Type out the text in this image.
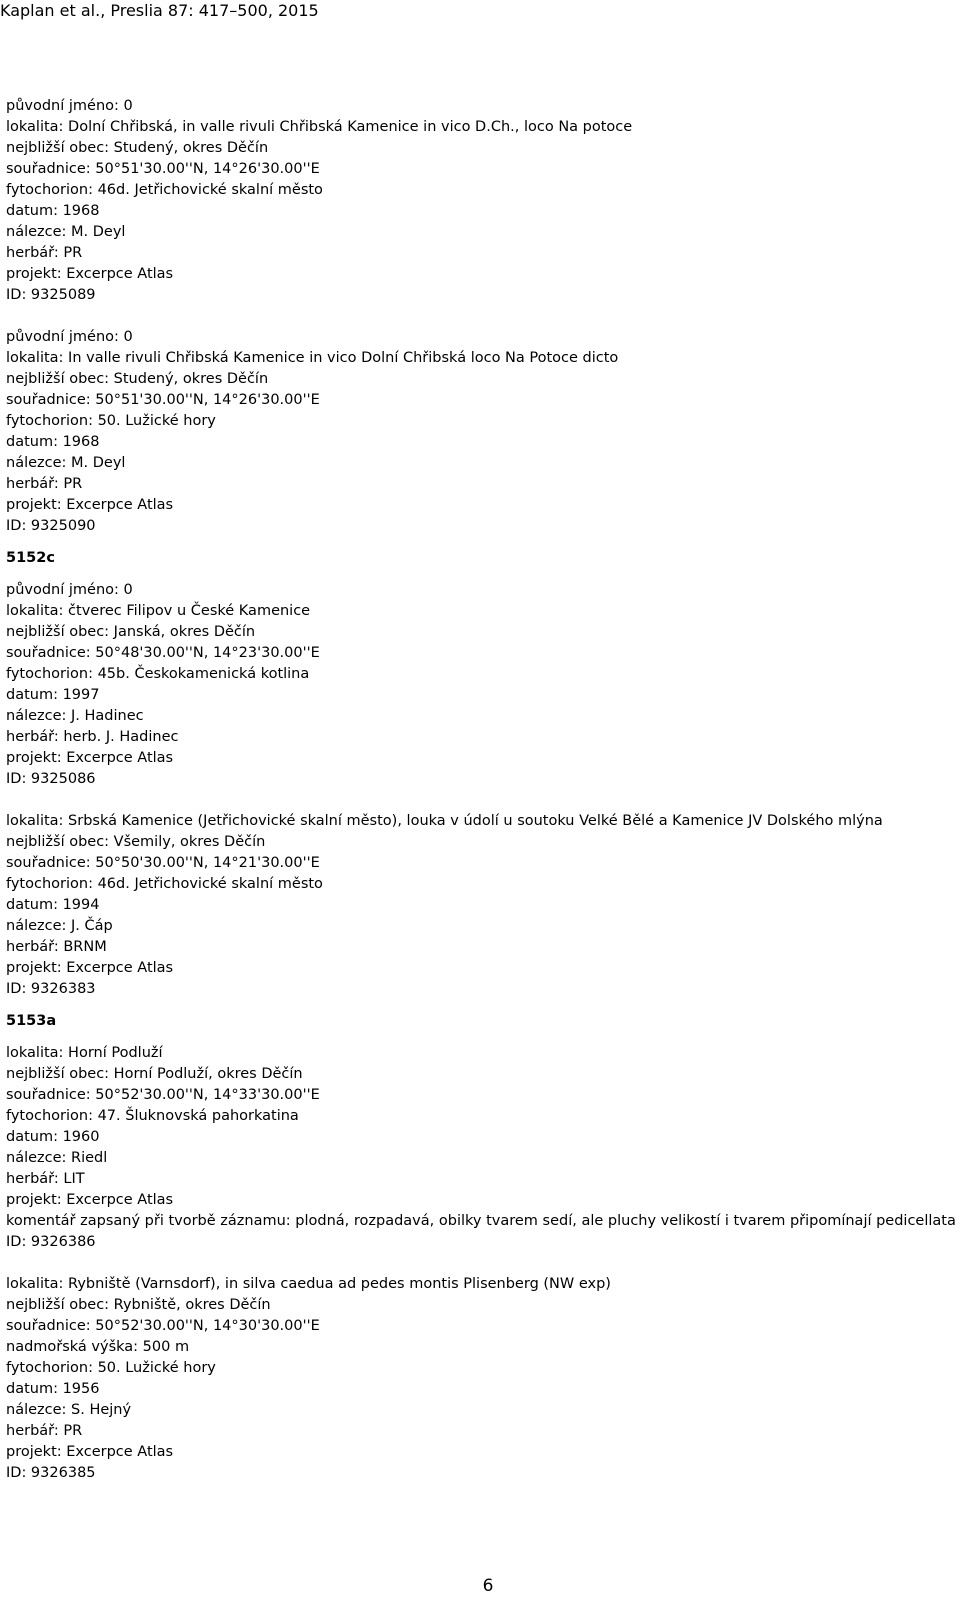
Kaplan et al., Preslia 87: 417–500, 2015
původní jméno: 0
lokalita: Dolní Chřibská, in valle rivuli Chřibská Kamenice in vico D.Ch., loco Na potoce
nejbližší obec: Studený, okres Děčín
souřadnice: 50°51'30.00''N, 14°26'30.00''E
fytochorion: 46d. Jetřichovické skalní město
datum: 1968
nálezce: M. Deyl
herbář: PR
projekt: Excerpce Atlas
ID: 9325089
původní jméno: 0
lokalita: In valle rivuli Chřibská Kamenice in vico Dolní Chřibská loco Na Potoce dicto
nejbližší obec: Studený, okres Děčín
souřadnice: 50°51'30.00''N, 14°26'30.00''E
fytochorion: 50. Lužické hory
datum: 1968
nálezce: M. Deyl
herbář: PR
projekt: Excerpce Atlas
ID: 9325090
5152c
původní jméno: 0
lokalita: čtverec Filipov u České Kamenice
nejbližší obec: Janská, okres Děčín
souřadnice: 50°48'30.00''N, 14°23'30.00''E
fytochorion: 45b. Českokamenická kotlina
datum: 1997
nálezce: J. Hadinec
herbář: herb. J. Hadinec
projekt: Excerpce Atlas
ID: 9325086
lokalita: Srbská Kamenice (Jetřichovické skalní město), louka v údolí u soutoku Velké Bělé a Kamenice JV Dolského mlýna
nejbližší obec: Všemily, okres Děčín
souřadnice: 50°50'30.00''N, 14°21'30.00''E
fytochorion: 46d. Jetřichovické skalní město
datum: 1994
nálezce: J. Čáp
herbář: BRNM
projekt: Excerpce Atlas
ID: 9326383
5153a
lokalita: Horní Podluží
nejbližší obec: Horní Podluží, okres Děčín
souřadnice: 50°52'30.00''N, 14°33'30.00''E
fytochorion: 47. Šluknovská pahorkatina
datum: 1960
nálezce: Riedl
herbář: LIT
projekt: Excerpce Atlas
komentář zapsaný při tvorbě záznamu: plodná, rozpadavá, obilky tvarem sedí, ale pluchy velikostí i tvarem připomínají pedicellata
ID: 9326386
lokalita: Rybniště (Varnsdorf), in silva caedua ad pedes montis Plisenberg (NW exp)
nejbližší obec: Rybniště, okres Děčín
souřadnice: 50°52'30.00''N, 14°30'30.00''E
nadmořská výška: 500 m
fytochorion: 50. Lužické hory
datum: 1956
nálezce: S. Hejný
herbář: PR
projekt: Excerpce Atlas
ID: 9326385
6
